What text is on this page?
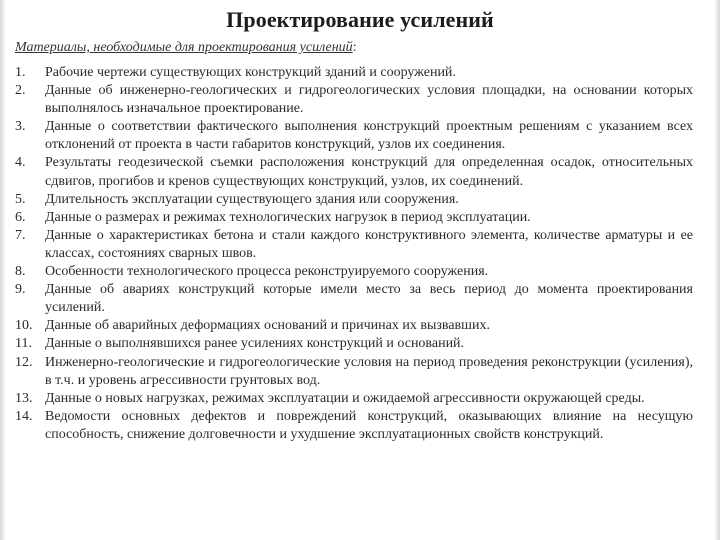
Проектирование усилений
Материалы, необходимые для проектирования усилений:
1.	Рабочие чертежи существующих конструкций зданий и сооружений.
2.	Данные об инженерно-геологических и гидрогеологических условия площадки, на основании которых выполнялось изначальное проектирование.
3.	Данные о соответствии фактического выполнения конструкций проектным решениям с указанием всех отклонений от проекта в части габаритов конструкций, узлов их соединения.
4.	Результаты геодезической съемки расположения конструкций для определенная осадок, относительных сдвигов, прогибов и кренов существующих конструкций, узлов, их соединений.
5.	Длительность эксплуатации существующего здания или сооружения.
6.	Данные о размерах и режимах технологических нагрузок в период эксплуатации.
7.	Данные о характеристиках бетона и стали каждого конструктивного элемента, количестве арматуры и ее классах, состояниях сварных швов.
8.	Особенности технологического процесса реконструируемого сооружения.
9.	Данные об авариях конструкций которые имели место за весь период до момента проектирования усилений.
10. Данные об аварийных деформациях оснований и причинах их вызвавших.
11. Данные о выполнявшихся ранее усилениях конструкций и оснований.
12. Инженерно-геологические и гидрогеологические условия на период проведения реконструкции (усиления), в т.ч. и уровень агрессивности грунтовых вод.
13. Данные о новых нагрузках, режимах эксплуатации и ожидаемой агрессивности окружающей среды.
14. Ведомости основных дефектов и повреждений конструкций, оказывающих влияние на несущую способность, снижение долговечности и ухудшение эксплуатационных свойств конструкций.
